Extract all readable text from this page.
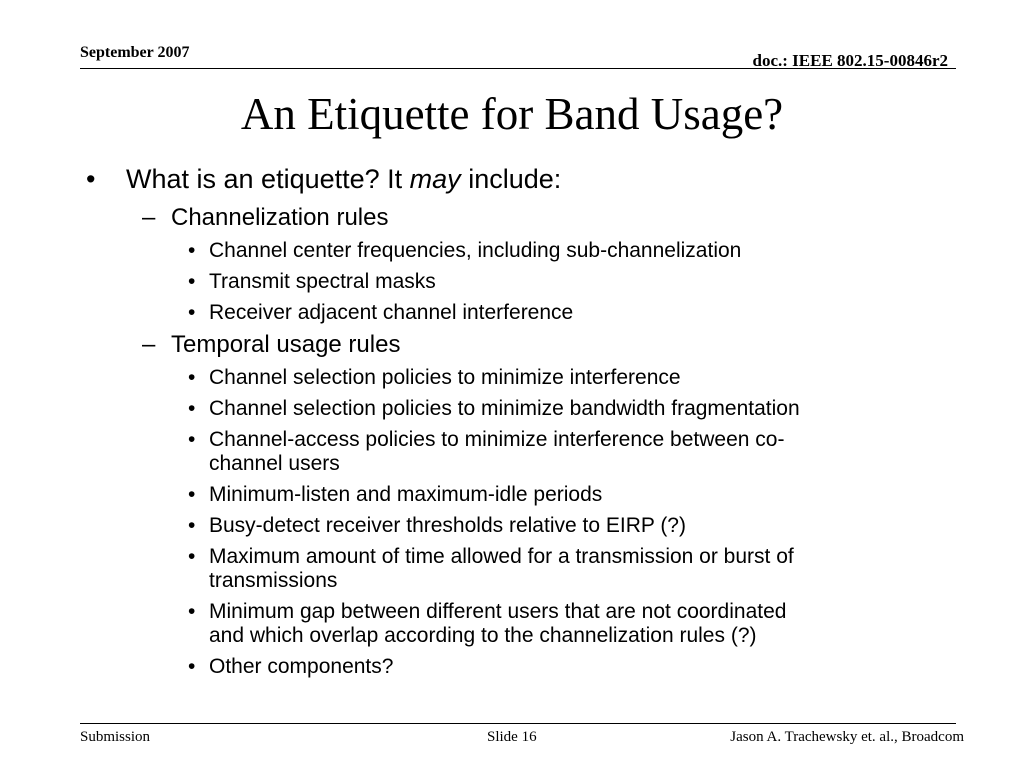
September 2007	doc.: IEEE 802.15-00846r2
An Etiquette for Band Usage?
• What is an etiquette? It may include:
– Channelization rules
• Channel center frequencies, including sub-channelization
• Transmit spectral masks
• Receiver adjacent channel interference
– Temporal usage rules
• Channel selection policies to minimize interference
• Channel selection policies to minimize bandwidth fragmentation
• Channel-access policies to minimize interference between co-
channel users
• Minimum-listen and maximum-idle periods
• Busy-detect receiver thresholds relative to EIRP (?)
• Maximum amount of time allowed for a transmission or burst of
transmissions
• Minimum gap between different users that are not coordinated
and which overlap according to the channelization rules (?)
• Other components?
Submission	Slide 16	Jason A. Trachewsky et. al., Broadcom
